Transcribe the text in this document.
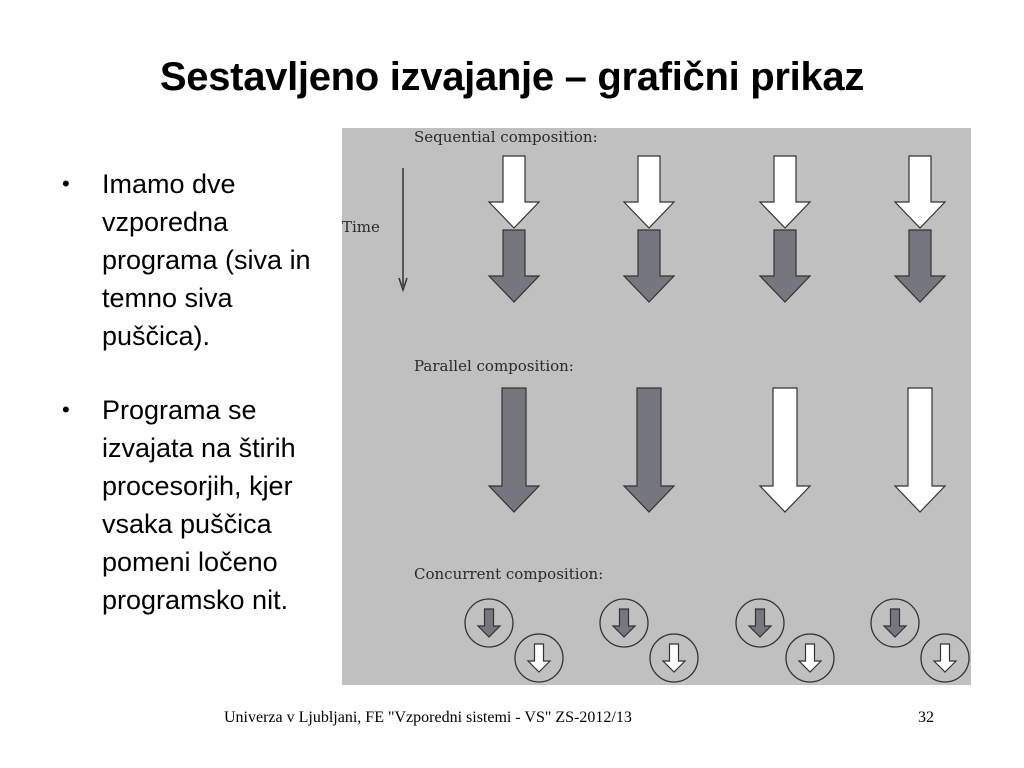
Sestavljeno izvajanje – grafični prikaz
• Imamo dve vzporedna programa (siva in temno siva puščica).
• Programa se izvajata na štirih procesorjih, kjer vsaka puščica pomeni ločeno programsko nit.
Sequential composition:
Time
Parallel composition:
Concurrent composition:
Univerza v Ljubljani, FE "Vzporedni sistemi - VS" ZS-2012/13	32
